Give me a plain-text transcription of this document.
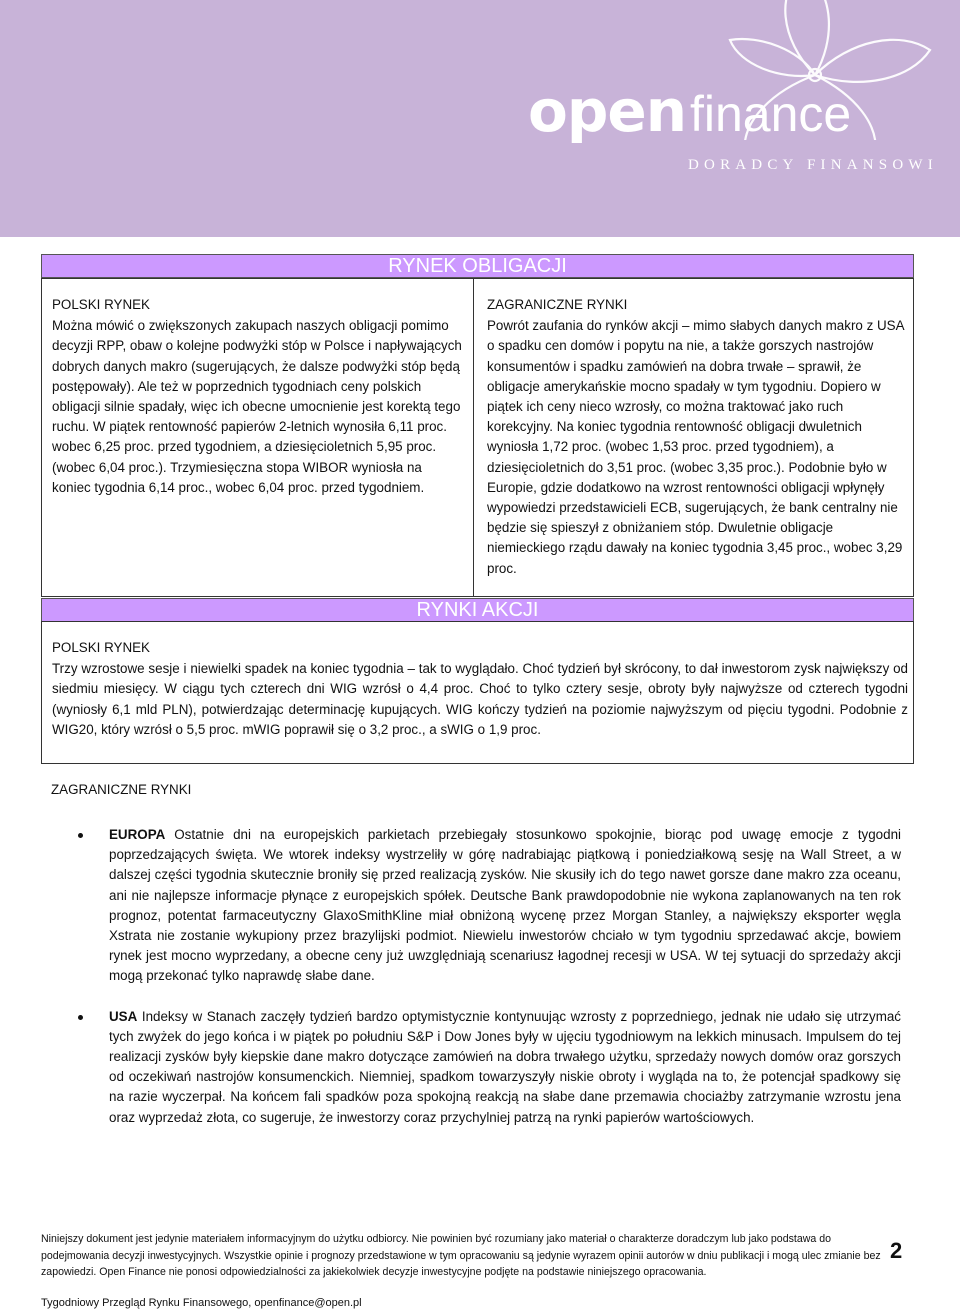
openfinance
DORADCY FINANSOWI
RYNEK OBLIGACJI
POLSKI RYNEK
Można mówić o zwiększonych zakupach naszych obligacji pomimo decyzji RPP, obaw o kolejne podwyżki stóp w Polsce i napływających dobrych danych makro (sugerujących, że dalsze podwyżki stóp będą postępowały). Ale też w poprzednich tygodniach ceny polskich obligacji silnie spadały, więc ich obecne umocnienie jest korektą tego ruchu. W piątek rentowność papierów 2-letnich wynosiła 6,11 proc. wobec 6,25 proc. przed tygodniem, a dziesięcioletnich 5,95 proc. (wobec 6,04 proc.). Trzymiesięczna stopa WIBOR wyniosła na koniec tygodnia 6,14 proc., wobec 6,04 proc. przed tygodniem.
ZAGRANICZNE RYNKI
Powrót zaufania do rynków akcji – mimo słabych danych makro z USA o spadku cen domów i popytu na nie, a także gorszych nastrojów konsumentów i spadku zamówień na dobra trwałe – sprawił, że obligacje amerykańskie mocno spadały w tym tygodniu. Dopiero w piątek ich ceny nieco wzrosły, co można traktować jako ruch korekcyjny. Na koniec tygodnia rentowność obligacji dwuletnich wyniosła 1,72 proc. (wobec 1,53 proc. przed tygodniem), a dziesięcioletnich do 3,51 proc. (wobec 3,35 proc.). Podobnie było w Europie, gdzie dodatkowo na wzrost rentowności obligacji wpłynęły wypowiedzi przedstawicieli ECB, sugerujących, że bank centralny nie będzie się spieszył z obniżaniem stóp. Dwuletnie obligacje niemieckiego rządu dawały na koniec tygodnia 3,45 proc., wobec 3,29 proc.
RYNKI AKCJI
POLSKI RYNEK
Trzy wzrostowe sesje i niewielki spadek na koniec tygodnia – tak to wyglądało. Choć tydzień był skrócony, to dał inwestorom zysk największy od siedmiu miesięcy. W ciągu tych czterech dni WIG wzrósł o 4,4 proc. Choć to tylko cztery sesje, obroty były najwyższe od czterech tygodni (wyniosły 6,1 mld PLN), potwierdzając determinację kupujących. WIG kończy tydzień na poziomie najwyższym od pięciu tygodni. Podobnie z WIG20, który wzrósł o 5,5 proc. mWIG poprawił się o 3,2 proc., a sWIG o 1,9 proc.
ZAGRANICZNE RYNKI
EUROPA Ostatnie dni na europejskich parkietach przebiegały stosunkowo spokojnie, biorąc pod uwagę emocje z tygodni poprzedzających święta. We wtorek indeksy wystrzeliły w górę nadrabiając piątkową i poniedziałkową sesję na Wall Street, a w dalszej części tygodnia skutecznie broniły się przed realizacją zysków. Nie skusiły ich do tego nawet gorsze dane makro zza oceanu, ani nie najlepsze informacje płynące z europejskich spółek. Deutsche Bank prawdopodobnie nie wykona zaplanowanych na ten rok prognoz, potentat farmaceutyczny GlaxoSmithKline miał obniżoną wycenę przez Morgan Stanley, a największy eksporter węgla Xstrata nie zostanie wykupiony przez brazylijski podmiot. Niewielu inwestorów chciało w tym tygodniu sprzedawać akcje, bowiem rynek jest mocno wyprzedany, a obecne ceny już uwzględniają scenariusz łagodnej recesji w USA. W tej sytuacji do sprzedaży akcji mogą przekonać tylko naprawdę słabe dane.
USA Indeksy w Stanach zaczęły tydzień bardzo optymistycznie kontynuując wzrosty z poprzedniego, jednak nie udało się utrzymać tych zwyżek do jego końca i w piątek po południu S&P i Dow Jones były w ujęciu tygodniowym na lekkich minusach. Impulsem do tej realizacji zysków były kiepskie dane makro dotyczące zamówień na dobra trwałego użytku, sprzedaży nowych domów oraz gorszych od oczekiwań nastrojów konsumenckich. Niemniej, spadkom towarzyszyły niskie obroty i wygląda na to, że potencjał spadkowy się na razie wyczerpał. Na końcem fali spadków poza spokojną reakcją na słabe dane przemawia chociażby zatrzymanie wzrostu jena oraz wyprzedaż złota, co sugeruje, że inwestorzy coraz przychylniej patrzą na rynki papierów wartościowych.
Niniejszy dokument jest jedynie materiałem informacyjnym do użytku odbiorcy. Nie powinien być rozumiany jako materiał o charakterze doradczym lub jako podstawa do podejmowania decyzji inwestycyjnych. Wszystkie opinie i prognozy przedstawione w tym opracowaniu są jedynie wyrazem opinii autorów w dniu publikacji i mogą ulec zmianie bez zapowiedzi. Open Finance nie ponosi odpowiedzialności za jakiekolwiek decyzje inwestycyjne podjęte na podstawie niniejszego opracowania.
2
Tygodniowy Przegląd Rynku Finansowego, openfinance@open.pl
